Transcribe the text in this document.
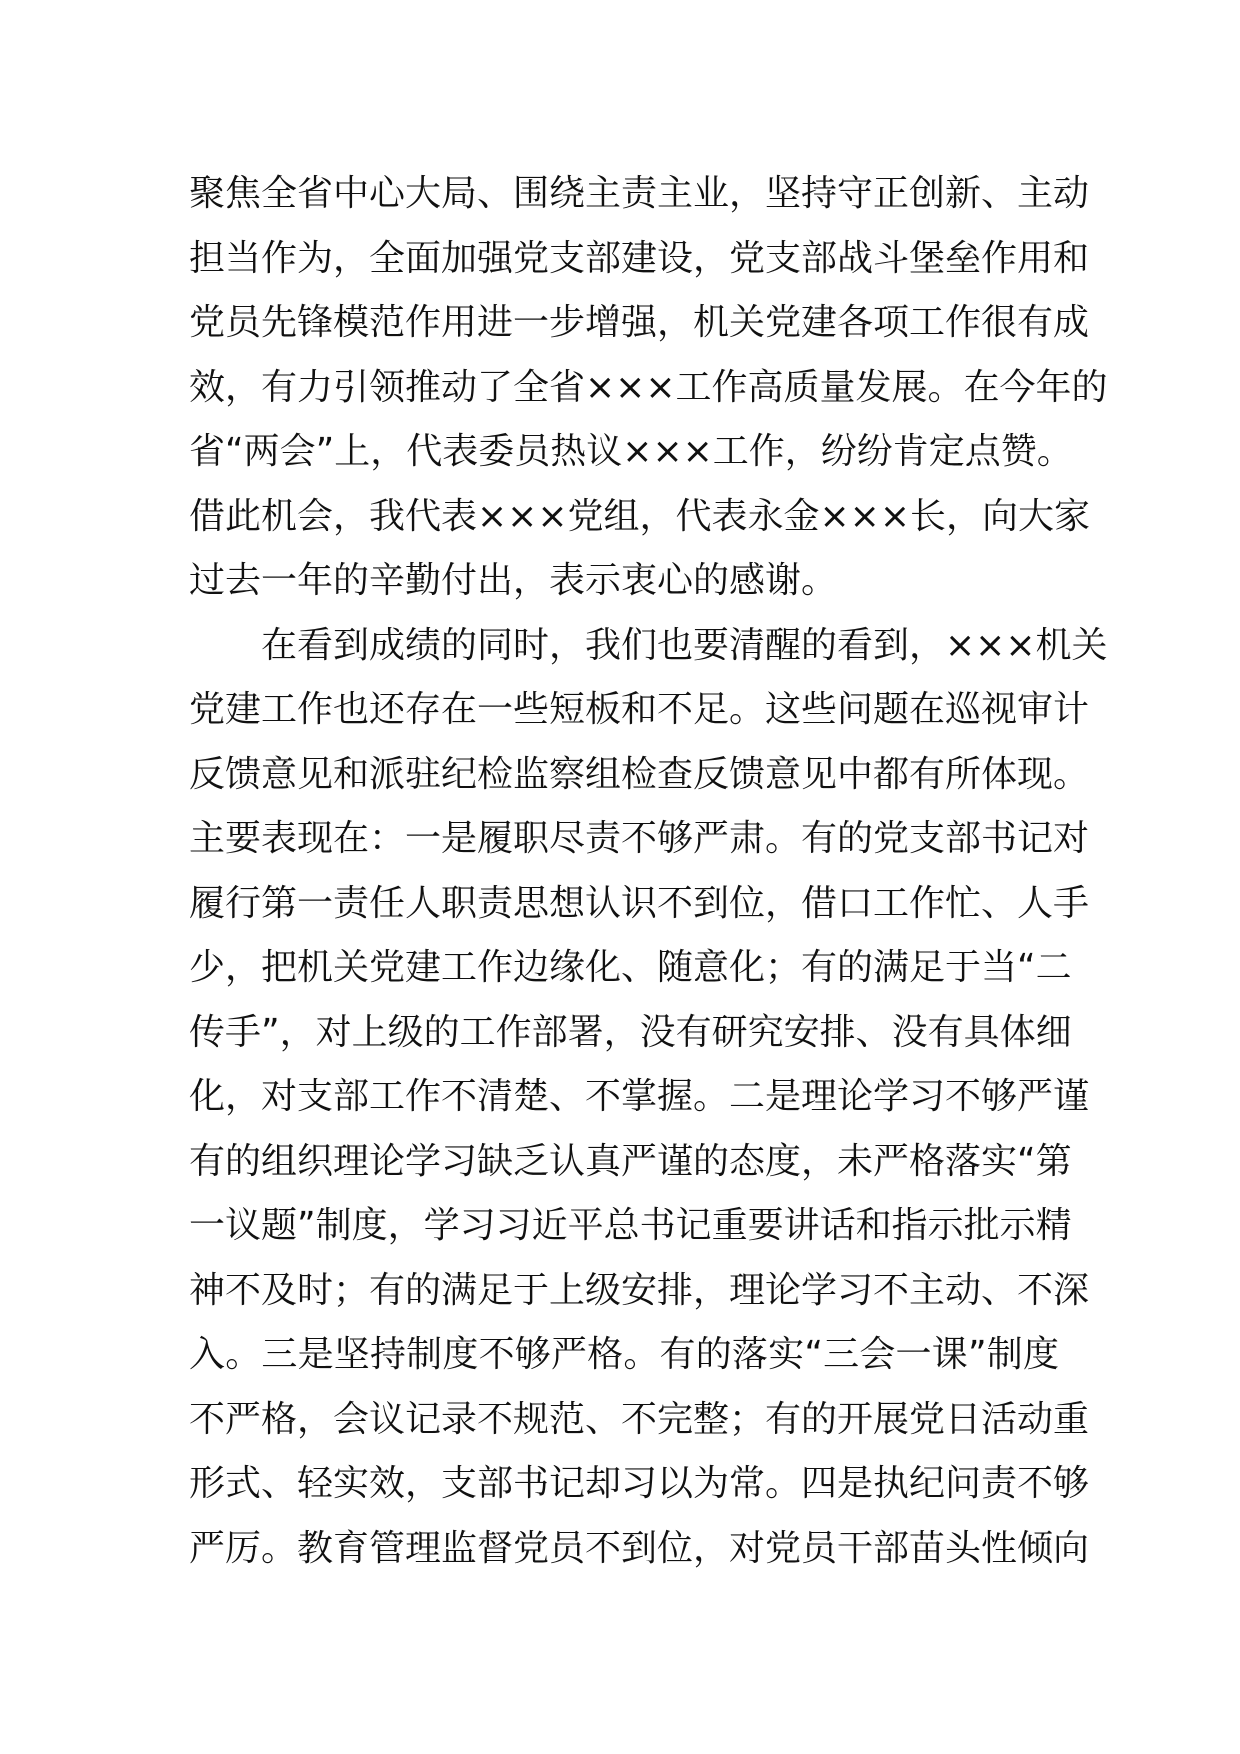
聚焦全省中心大局、围绕主责主业，坚持守正创新、主动
担当作为，全面加强党支部建设，党支部战斗堡垒作用和
党员先锋模范作用进一步增强，机关党建各项工作很有成
效，有力引领推动了全省×××工作高质量发展。在今年的
省“两会”上，代表委员热议×××工作，纷纷肯定点赞。
借此机会，我代表×××党组，代表永金×××长，向大家
过去一年的辛勤付出，表示衷心的感谢。
在看到成绩的同时，我们也要清醒的看到，×××机关
党建工作也还存在一些短板和不足。这些问题在巡视审计
反馈意见和派驻纪检监察组检查反馈意见中都有所体现。
主要表现在：一是履职尽责不够严肃。有的党支部书记对
履行第一责任人职责思想认识不到位，借口工作忙、人手
少，把机关党建工作边缘化、随意化；有的满足于当“二
传手”，对上级的工作部署，没有研究安排、没有具体细
化，对支部工作不清楚、不掌握。二是理论学习不够严谨
有的组织理论学习缺乏认真严谨的态度，未严格落实“第
一议题”制度，学习习近平总书记重要讲话和指示批示精
神不及时；有的满足于上级安排，理论学习不主动、不深
入。三是坚持制度不够严格。有的落实“三会一课”制度
不严格，会议记录不规范、不完整；有的开展党日活动重
形式、轻实效，支部书记却习以为常。四是执纪问责不够
严厉。教育管理监督党员不到位，对党员干部苗头性倾向
